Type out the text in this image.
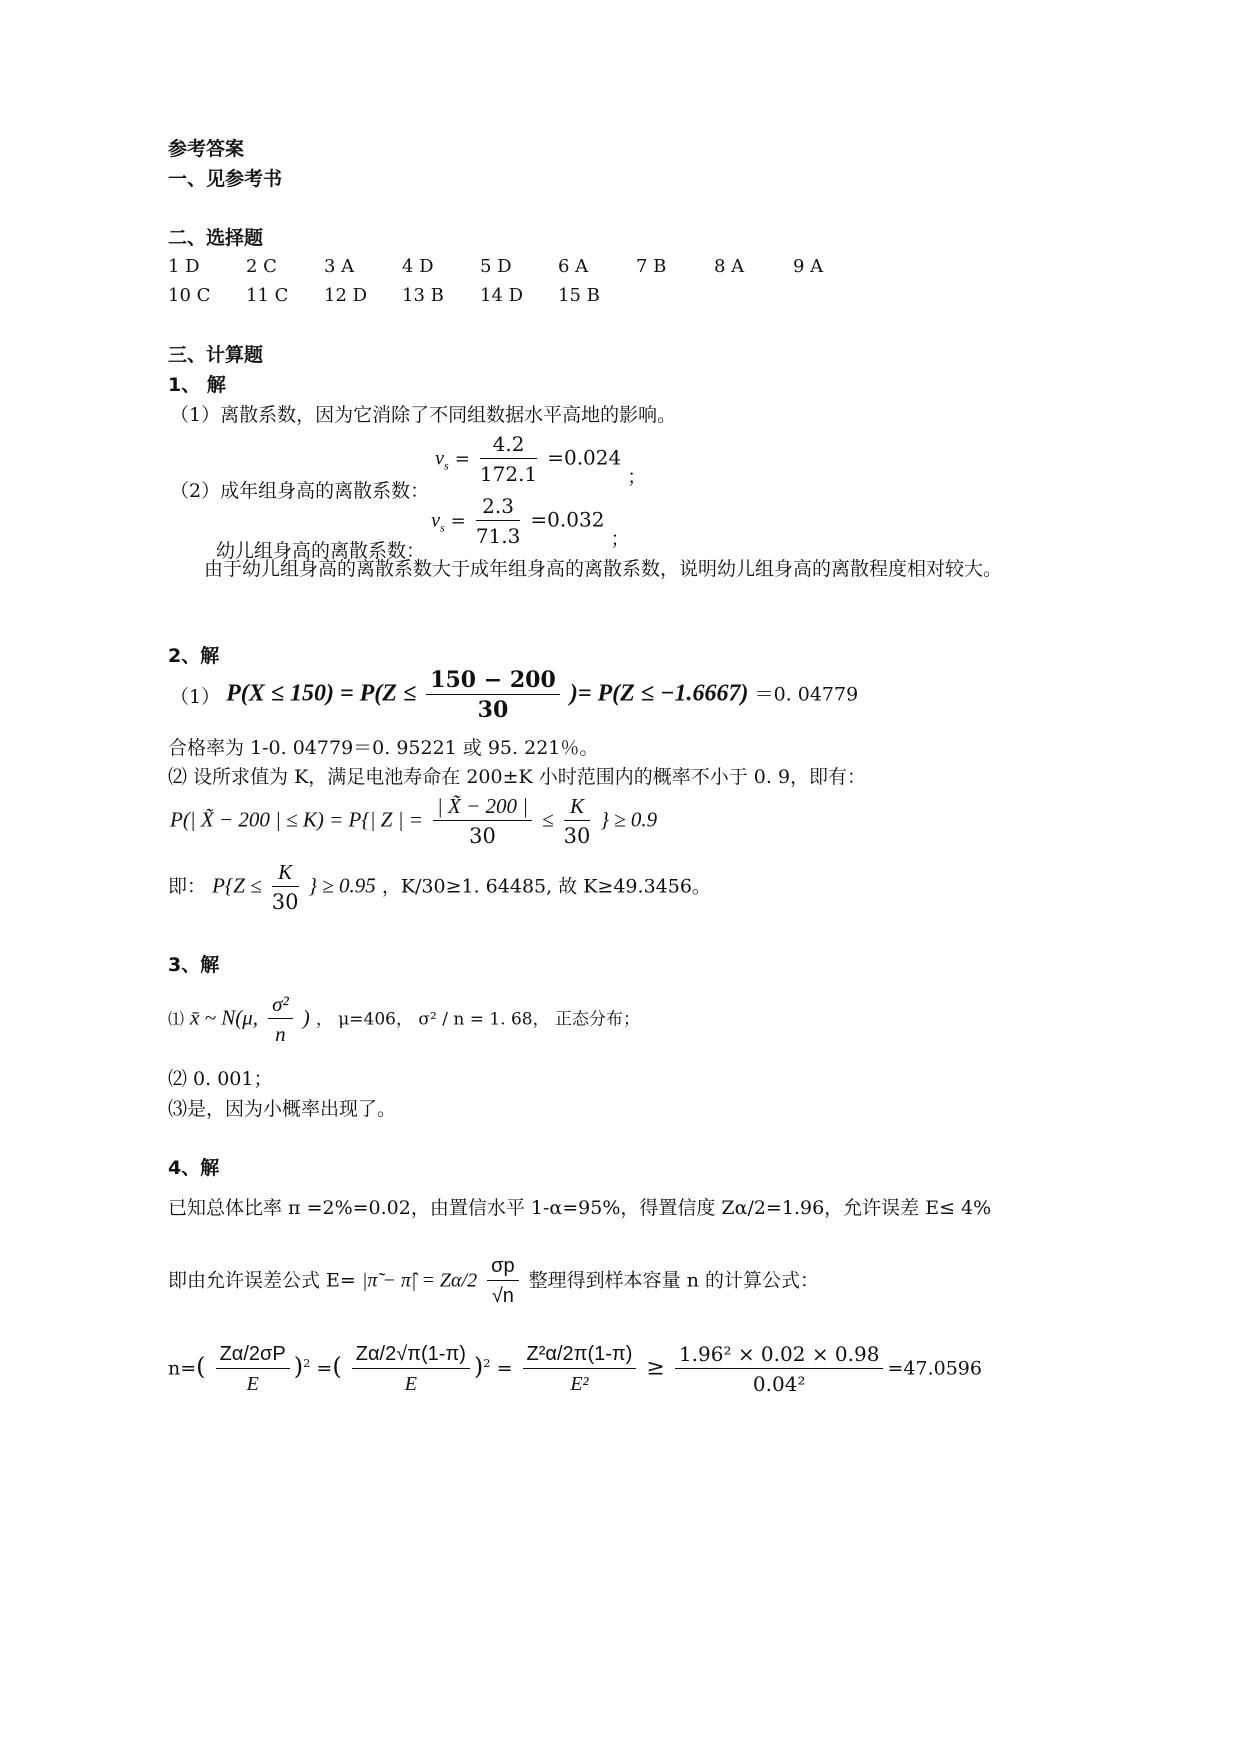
参考答案
一、见参考书
二、选择题
1 D	2 C	3 A	4 D	5 D	6 A	7 B	8 A	9 A
10 C 11 C 12 D 13 B 14 D 15 B
三、计算题
1、 解
（1）离散系数，因为它消除了不同组数据水平高地的影响。
（2）成年组身高的离散系数： $v_s = \frac{4.2}{172.1} =0.024$ ；
幼儿组身高的离散系数： $v_s = \frac{2.3}{71.3} =0.032$ ；
由于幼儿组身高的离散系数大于成年组身高的离散系数，说明幼儿组身高的离散程度相对较大。
2、解
（1） $P(X \le 150) = P(Z \le \frac{150 - 200}{30}$ )= P(Z ≤ −1.6667) ＝0. 04779
合格率为 1-0. 04779＝0. 95221 或 95. 221％。
⑵ 设所求值为 K，满足电池寿命在 200±K 小时范围内的概率不小于 0. 9，即有：
P(| X̃ − 200 | ≤ K) = P{| Z | = $\frac{| X̃ - 200 |}{30} \le \frac{K}{30}$ } ≥ 0.9
即： $P\{Z \le \frac{K}{30}$ } ≥ 0.95 ，K/30≥1. 64485, 故 K≥49.3456。
3、解
⑴ x̄ ~ N(μ, $\frac{\text{σ²}}{n}$ ) ， μ=406， σ² / n = 1. 68， 正态分布；
⑵ 0. 001；
⑶是，因为小概率出现了。
4、解
已知总体比率 π =2%=0.02，由置信水平 1-α=95%，得置信度 Zα/2=1.96，允许误差 E≤ 4%
即由允许误差公式 E= |π̃ − π̂| = $Z\alpha/2 \frac{\sigma p}{√n}$ 整理得到样本容量 n 的计算公式：
$n=( \frac{Z\alpha/2\sigma P}{E} )^2$ =( $\frac{Z\alpha/2√\pi(1-\pi)}{E} )^2 = \frac{\text{Z²α/2π(1-π)}}{\text{E²}} \ge \frac{\text{1.96² × 0.02 × 0.98}}{\text{0.04²}} =47.0596$
